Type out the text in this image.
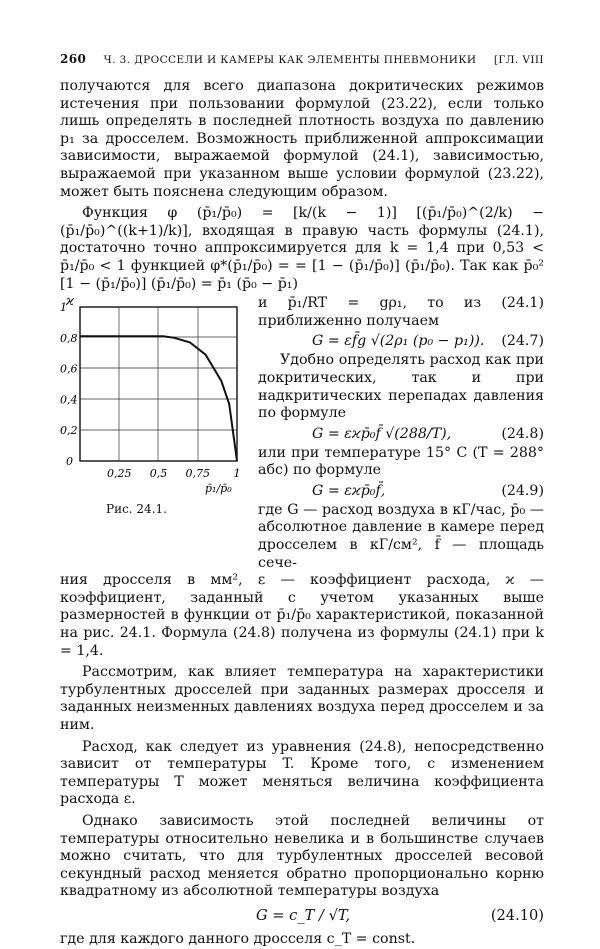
260 Ч. 3. ДРОССЕЛИ И КАМЕРЫ КАК ЭЛЕМЕНТЫ ПНЕВМОНИКИ [ГЛ. VIII

получаются для всего диапазона докритических режимов истечения при пользовании формулой (23.22), если только лишь определять в последней плотность воздуха по давлению p₁ за дросселем. Возможность приближенной аппроксимации зависимости, выражаемой формулой (24.1), зависимостью, выражаемой при указанном выше условии формулой (23.22), может быть пояснена следующим образом.

Функция φ (p̄₁/p̄₀) = [k/(k − 1)] [(p̄₁/p̄₀)^(2/k) − (p̄₁/p̄₀)^((k+1)/k)], входящая в правую часть формулы (24.1), достаточно точно аппроксимируется для k = 1,4 при 0,53 < p̄₁/p̄₀ < 1 функцией φ*(p̄₁/p̄₀) = = [1 − (p̄₁/p̄₀)] (p̄₁/p̄₀). Так как p̄₀² [1 − (p̄₁/p̄₀)] (p̄₁/p̄₀) = p̄₁ (p̄₀ − p̄₁)

1
0,8
0,6
0,4
0,2
0,25 0,5 0,75 1
ϰ
0
p̄₁/p̄₀
Рис. 24.1.

и p̄₁/RT = gρ₁, то из (24.1) приближенно получаем

G = εf̄g √(2ρ₁ (p₀ − p₁)). (24.7)

Удобно определять расход как при докритических, так и при надкритических перепадах давления по формуле

G = εϰp̄₀f̄ √(288/T),	(24.8)

или при температуре 15° C (T = 288° абс) по формуле

G = εϰp̄₀f̄,	(24.9)

где G — расход воздуха в кГ/час, p̄₀ — абсолютное давление в камере перед дросселем в кГ/см², f̄ — площадь сече-

ния дросселя в мм², ε — коэффициент расхода, ϰ — коэффициент, заданный с учетом указанных выше размерностей в функции от p̄₁/p̄₀ характеристикой, показанной на рис. 24.1. Формула (24.8) получена из формулы (24.1) при k = 1,4.

Рассмотрим, как влияет температура на характеристики турбулентных дросселей при заданных размерах дросселя и заданных неизменных давлениях воздуха перед дросселем и за ним.

Расход, как следует из уравнения (24.8), непосредственно зависит от температуры T. Кроме того, с изменением температуры T может меняться величина коэффициента расхода ε.

Однако зависимость этой последней величины от температуры относительно невелика и в большинстве случаев можно считать, что для турбулентных дросселей весовой секундный расход меняется обратно пропорционально корню квадратному из абсолютной температуры воздуха

G = c_T / √T,	(24.10)

где для каждого данного дросселя c_T = const.
